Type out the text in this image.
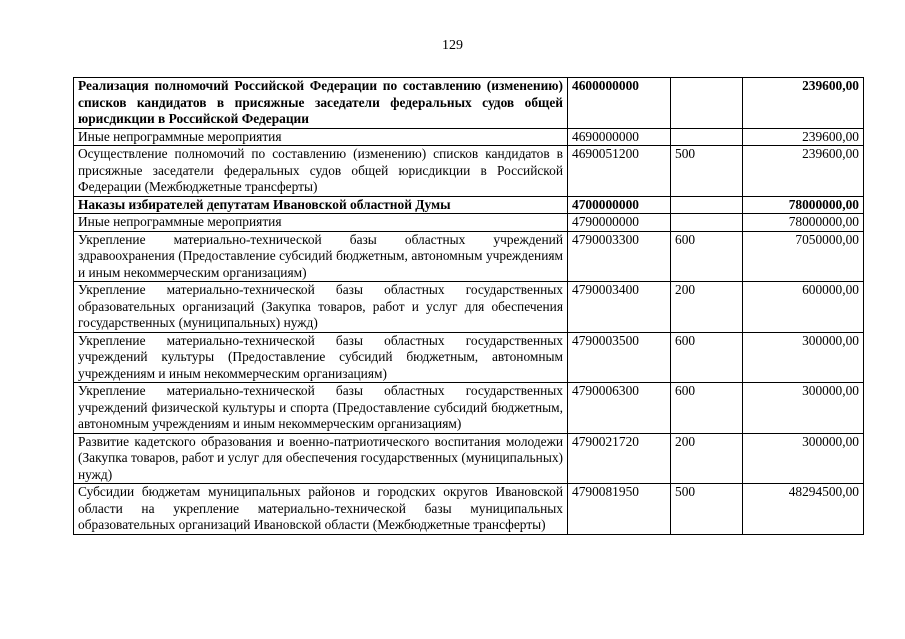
129
Реализация полномочий Российской Федерации по составлению (изменению) списков кандидатов в присяжные заседатели федеральных судов общей юрисдикции в Российской Федерации	4600000000		239600,00
Иные непрограммные мероприятия	4690000000		239600,00
Осуществление полномочий по составлению (изменению) списков кандидатов в присяжные заседатели федеральных судов общей юрисдикции в Российской Федерации (Межбюджетные трансферты)	4690051200	500	239600,00
Наказы избирателей депутатам Ивановской областной Думы	4700000000		78000000,00
Иные непрограммные мероприятия	4790000000		78000000,00
Укрепление материально-технической базы областных учреждений здравоохранения (Предоставление субсидий бюджетным, автономным учреждениям и иным некоммерческим организациям)	4790003300	600	7050000,00
Укрепление материально-технической базы областных государственных образовательных организаций (Закупка товаров, работ и услуг для обеспечения государственных (муниципальных) нужд)	4790003400	200	600000,00
Укрепление материально-технической базы областных государственных учреждений культуры (Предоставление субсидий бюджетным, автономным учреждениям и иным некоммерческим организациям)	4790003500	600	300000,00
Укрепление материально-технической базы областных государственных учреждений физической культуры и спорта (Предоставление субсидий бюджетным, автономным учреждениям и иным некоммерческим организациям)	4790006300	600	300000,00
Развитие кадетского образования и военно-патриотического воспитания молодежи (Закупка товаров, работ и услуг для обеспечения государственных (муниципальных) нужд)	4790021720	200	300000,00
Субсидии бюджетам муниципальных районов и городских округов Ивановской области на укрепление материально-технической базы муниципальных образовательных организаций Ивановской области (Межбюджетные трансферты)	4790081950	500	48294500,00
